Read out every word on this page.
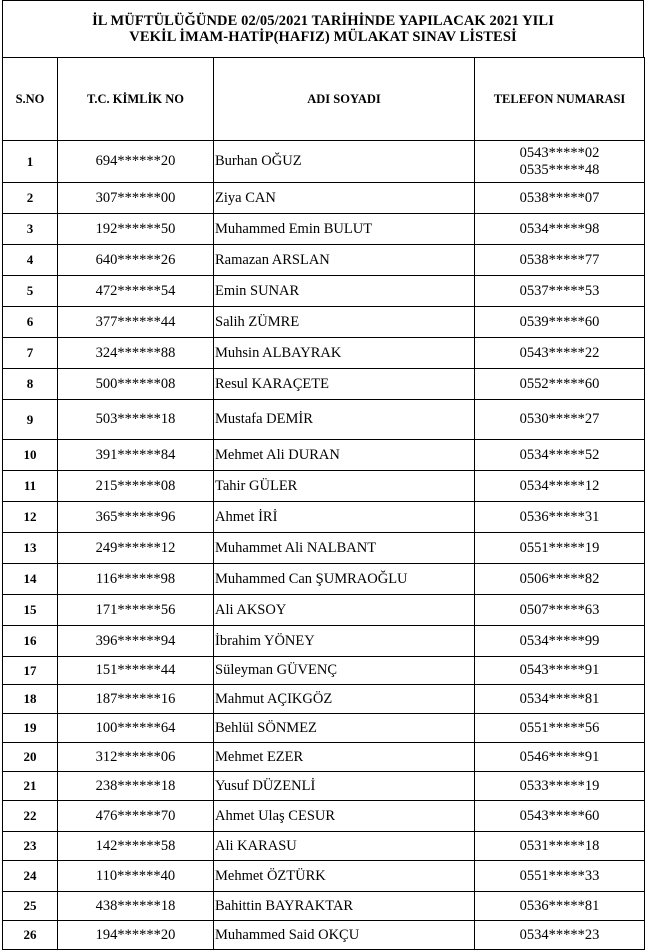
İL MÜFTÜLÜĞÜNDE 02/05/2021 TARİHİNDE YAPILACAK 2021 YILI
VEKİL İMAM-HATİP(HAFIZ) MÜLAKAT SINAV LİSTESİ
S.NO	T.C. KİMLİK NO	ADI SOYADI	TELEFON NUMARASI
1	694******20	Burhan OĞUZ	0543*****02
0535*****48

2	307******00	Ziya CAN	0538*****07

3	192******50	Muhammed Emin BULUT	0534*****98

4	640******26	Ramazan ARSLAN	0538*****77

5	472******54	Emin SUNAR	0537*****53

6	377******44	Salih ZÜMRE	0539*****60

7	324******88	Muhsin ALBAYRAK	0543*****22

8	500******08	Resul KARAÇETE	0552*****60

9	503******18	Mustafa DEMİR	0530*****27

10	391******84	Mehmet Ali DURAN	0534*****52

11	215******08	Tahir GÜLER	0534*****12

12	365******96	Ahmet İRİ	0536*****31

13	249******12	Muhammet Ali NALBANT	0551*****19

14	116******98	Muhammed Can ŞUMRAOĞLU	0506*****82

15	171******56	Ali AKSOY	0507*****63

16	396******94	İbrahim YÖNEY	0534*****99

17	151******44	Süleyman GÜVENÇ	0543*****91

18	187******16	Mahmut AÇIKGÖZ	0534*****81

19	100******64	Behlül SÖNMEZ	0551*****56

20	312******06	Mehmet EZER	0546*****91

21	238******18	Yusuf DÜZENLİ	0533*****19

22	476******70	Ahmet Ulaş CESUR	0543*****60

23	142******58	Ali KARASU	0531*****18

24	110******40	Mehmet ÖZTÜRK	0551*****33

25	438******18	Bahittin BAYRAKTAR	0536*****81

26	194******20	Muhammed Said OKÇU	0534*****23
